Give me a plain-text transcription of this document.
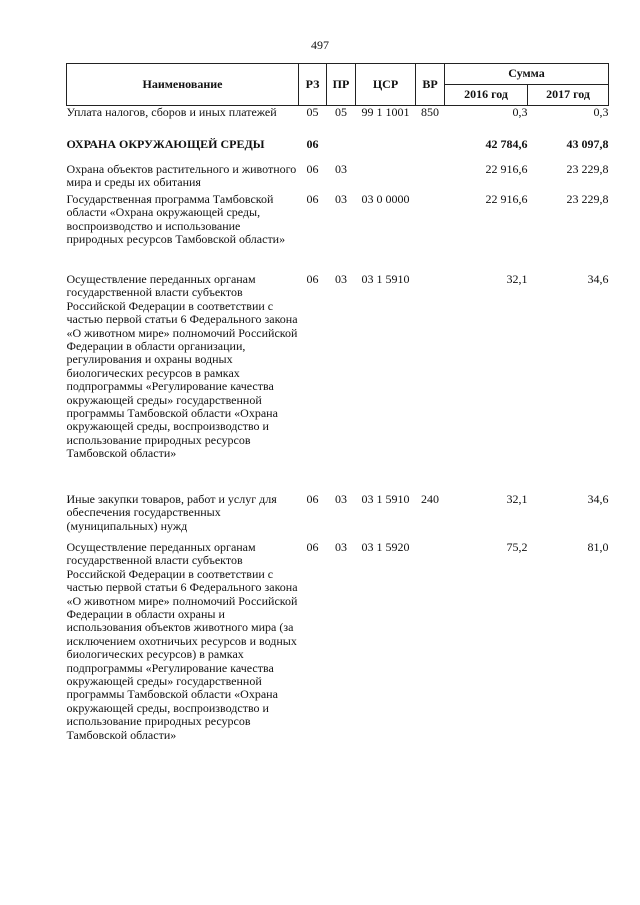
497
Наименование	РЗ	ПР	ЦСР	ВР	Сумма	
					2016 год	2017 год
Уплата налогов, сборов и иных платежей	05	05	99 1 1001	850	0,3	0,3
ОХРАНА ОКРУЖАЮЩЕЙ СРЕДЫ	06				42 784,6	43 097,8
Охрана объектов растительного и животного мира и среды их обитания	06	03			22 916,6	23 229,8
Государственная программа Тамбовской области «Охрана окружающей среды, воспроизводство и использование природных ресурсов Тамбовской области»	06	03	03 0 0000		22 916,6	23 229,8
Осуществление переданных органам государственной власти субъектов Российской Федерации в соответствии с частью первой статьи 6 Федерального закона «О животном мире» полномочий Российской Федерации в области организации, регулирования и охраны водных биологических ресурсов в рамках подпрограммы «Регулирование качества окружающей среды» государственной программы Тамбовской области «Охрана окружающей среды, воспроизводство и использование природных ресурсов Тамбовской области»	06	03	03 1 5910		32,1	34,6
Иные закупки товаров, работ и услуг для обеспечения государственных (муниципальных) нужд	06	03	03 1 5910	240	32,1	34,6
Осуществление переданных органам государственной власти субъектов Российской Федерации в соответствии с частью первой статьи 6 Федерального закона «О животном мире» полномочий Российской Федерации в области охраны и использования объектов животного мира (за исключением охотничьих ресурсов и водных биологических ресурсов) в рамках подпрограммы «Регулирование качества окружающей среды» государственной программы Тамбовской области «Охрана окружающей среды, воспроизводство и использование природных ресурсов Тамбовской области»	06	03	03 1 5920		75,2	81,0
